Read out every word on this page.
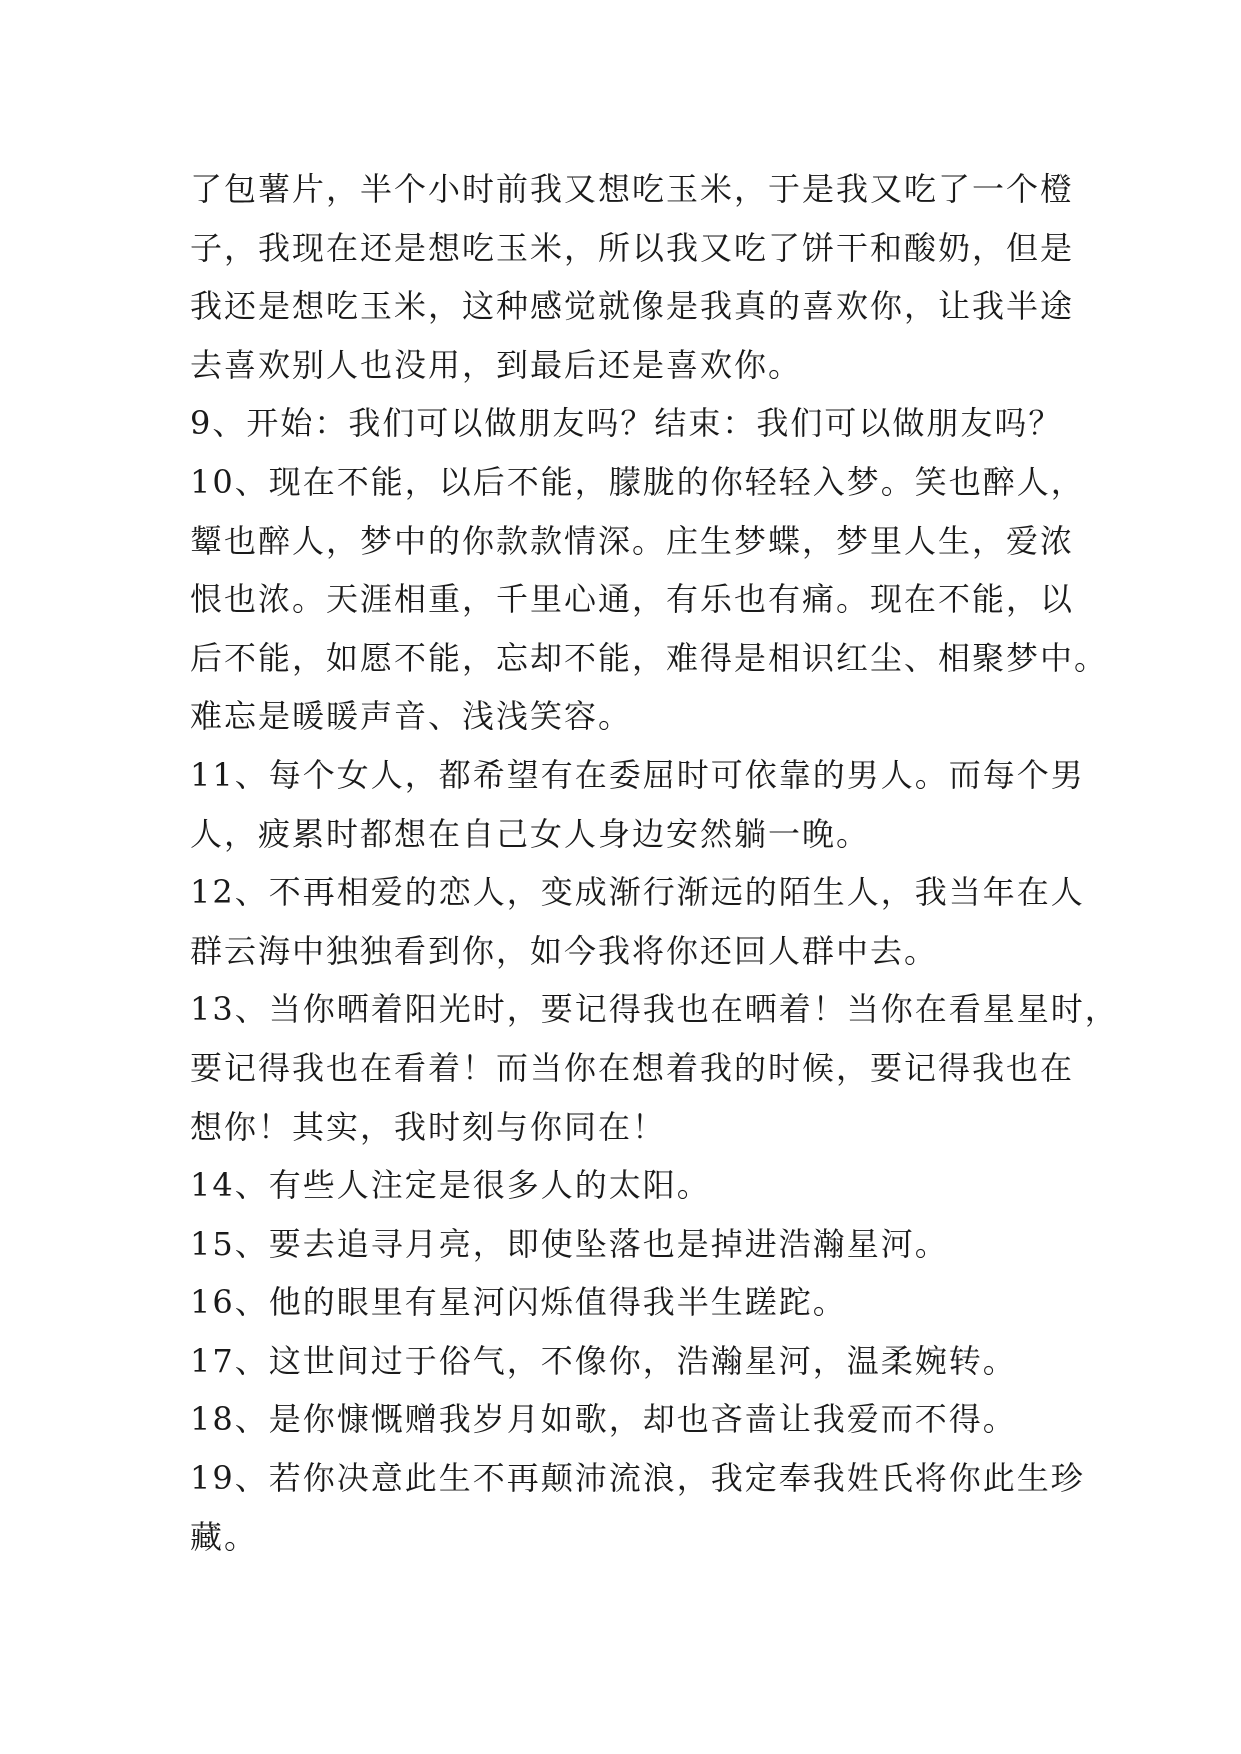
了包薯片，半个小时前我又想吃玉米，于是我又吃了一个橙
子，我现在还是想吃玉米，所以我又吃了饼干和酸奶，但是
我还是想吃玉米，这种感觉就像是我真的喜欢你，让我半途
去喜欢别人也没用，到最后还是喜欢你。
9、开始：我们可以做朋友吗？结束：我们可以做朋友吗？
10、现在不能，以后不能，朦胧的你轻轻入梦。笑也醉人，
颦也醉人，梦中的你款款情深。庄生梦蝶，梦里人生，爱浓
恨也浓。天涯相重，千里心通，有乐也有痛。现在不能，以
后不能，如愿不能，忘却不能，难得是相识红尘、相聚梦中。
难忘是暖暖声音、浅浅笑容。
11、每个女人，都希望有在委屈时可依靠的男人。而每个男
人，疲累时都想在自己女人身边安然躺一晚。
12、不再相爱的恋人，变成渐行渐远的陌生人，我当年在人
群云海中独独看到你，如今我将你还回人群中去。
13、当你晒着阳光时，要记得我也在晒着！当你在看星星时，
要记得我也在看着！而当你在想着我的时候，要记得我也在
想你！其实，我时刻与你同在！
14、有些人注定是很多人的太阳。
15、要去追寻月亮，即使坠落也是掉进浩瀚星河。
16、他的眼里有星河闪烁值得我半生蹉跎。
17、这世间过于俗气，不像你，浩瀚星河，温柔婉转。
18、是你慷慨赠我岁月如歌，却也吝啬让我爱而不得。
19、若你决意此生不再颠沛流浪，我定奉我姓氏将你此生珍
藏。
